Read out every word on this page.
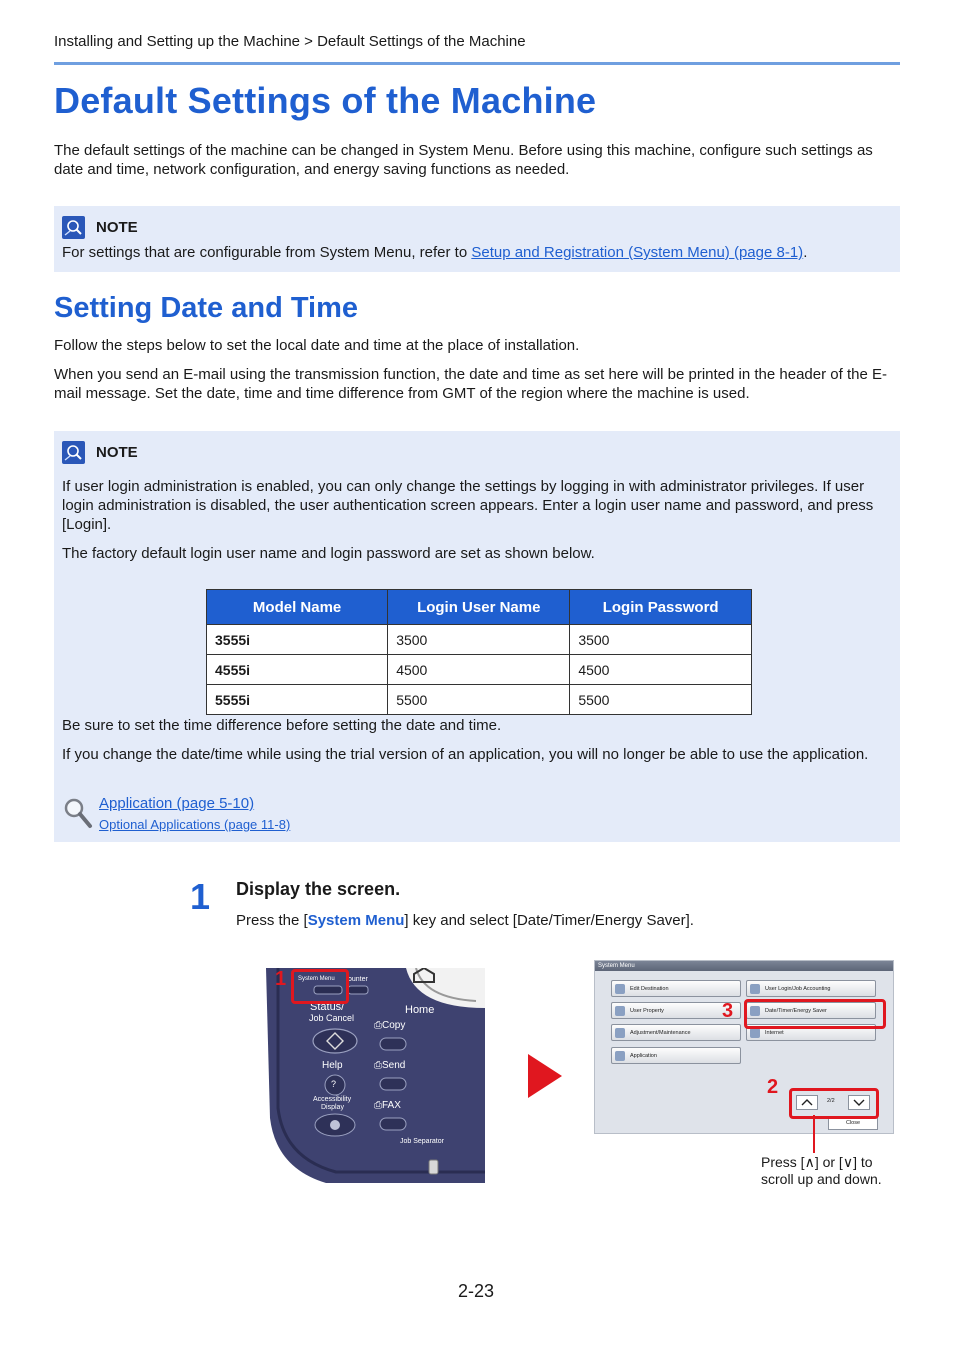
Installing and Setting up the Machine > Default Settings of the Machine
Default Settings of the Machine

The default settings of the machine can be changed in System Menu. Before using this machine, configure such settings as date and time, network configuration, and energy saving functions as needed.

NOTE

For settings that are configurable from System Menu, refer to Setup and Registration (System Menu) (page 8-1).

Setting Date and Time

Follow the steps below to set the local date and time at the place of installation.

When you send an E-mail using the transmission function, the date and time as set here will be printed in the header of the E-mail message. Set the date, time and time difference from GMT of the region where the machine is used.

NOTE

If user login administration is enabled, you can only change the settings by logging in with administrator privileges. If user login administration is disabled, the user authentication screen appears. Enter a login user name and password, and press [Login].

The factory default login user name and login password are set as shown below.

Model Name	Login User Name	Login Password
3555i	3500	3500
4555i	4500	4500
5555i	5500	5500

Be sure to set the time difference before setting the date and time.

If you change the date/time while using the trial version of an application, you will no longer be able to use the application.

Application (page 5-10)
Optional Applications (page 11-8)
1 Display the screen.

Press the [System Menu] key and select [Date/Timer/Energy Saver].

System Menu ounter
Status/
Job Cancel
Home
⎙Copy
Help
?
⎙Send
Accessibility
Display	⎙FAX
Job Separator
1
System Menu
Edit Destination	User Login/Job Accounting
User Property	Date/Timer/Energy Saver
Adjustment/Maintenance	Internet
Application
2/2
Close
3
2

Press [∧] or [∨] to scroll up and down.

2-23
